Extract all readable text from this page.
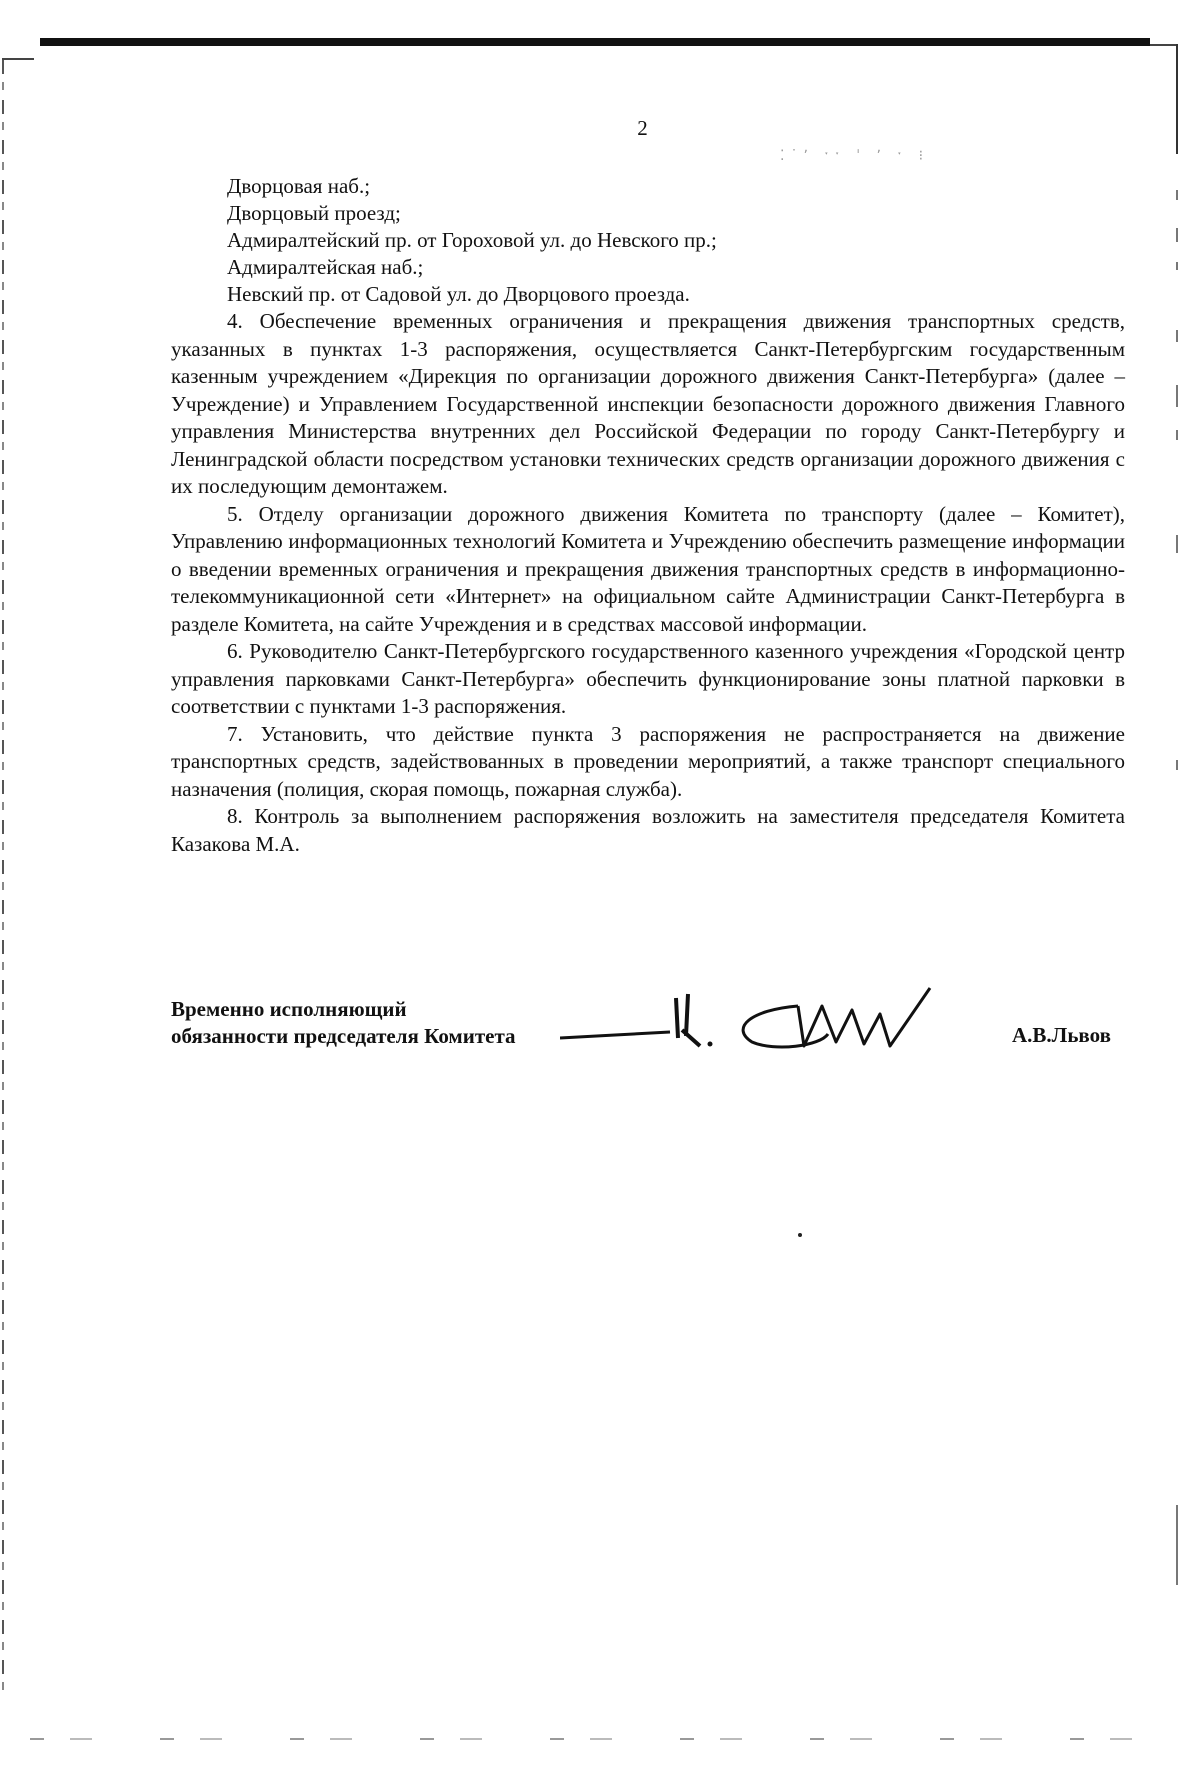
⁚˙ʼ ˑˑ ˈ ʼ ˑ ⁝
2
Дворцовая наб.;
Дворцовый проезд;
Адмиралтейский пр. от Гороховой ул. до Невского пр.;
Адмиралтейская наб.;
Невский пр. от Садовой ул. до Дворцового проезда.

4. Обеспечение временных ограничения и прекращения движения транспортных средств, указанных в пунктах 1-3 распоряжения, осуществляется Санкт-Петербургским государственным казенным учреждением «Дирекция по организации дорожного движения Санкт-Петербурга» (далее – Учреждение) и Управлением Государственной инспекции безопасности дорожного движения Главного управления Министерства внутренних дел Российской Федерации по городу Санкт-Петербургу и Ленинградской области посредством установки технических средств организации дорожного движения с их последующим демонтажем.

5. Отделу организации дорожного движения Комитета по транспорту (далее – Комитет), Управлению информационных технологий Комитета и Учреждению обеспечить размещение информации о введении временных ограничения и прекращения движения транспортных средств в информационно-телекоммуникационной сети «Интернет» на официальном сайте Администрации Санкт-Петербурга в разделе Комитета, на сайте Учреждения и в средствах массовой информации.

6. Руководителю Санкт-Петербургского государственного казенного учреждения «Городской центр управления парковками Санкт-Петербурга» обеспечить функционирование зоны платной парковки в соответствии с пунктами 1-3 распоряжения.

7. Установить, что действие пункта 3 распоряжения не распространяется на движение транспортных средств, задействованных в проведении мероприятий, а также транспорт специального назначения (полиция, скорая помощь, пожарная служба).

8. Контроль за выполнением распоряжения возложить на заместителя председателя Комитета Казакова М.А.

Временно исполняющий
обязанности председателя Комитета	А.В.Львов
